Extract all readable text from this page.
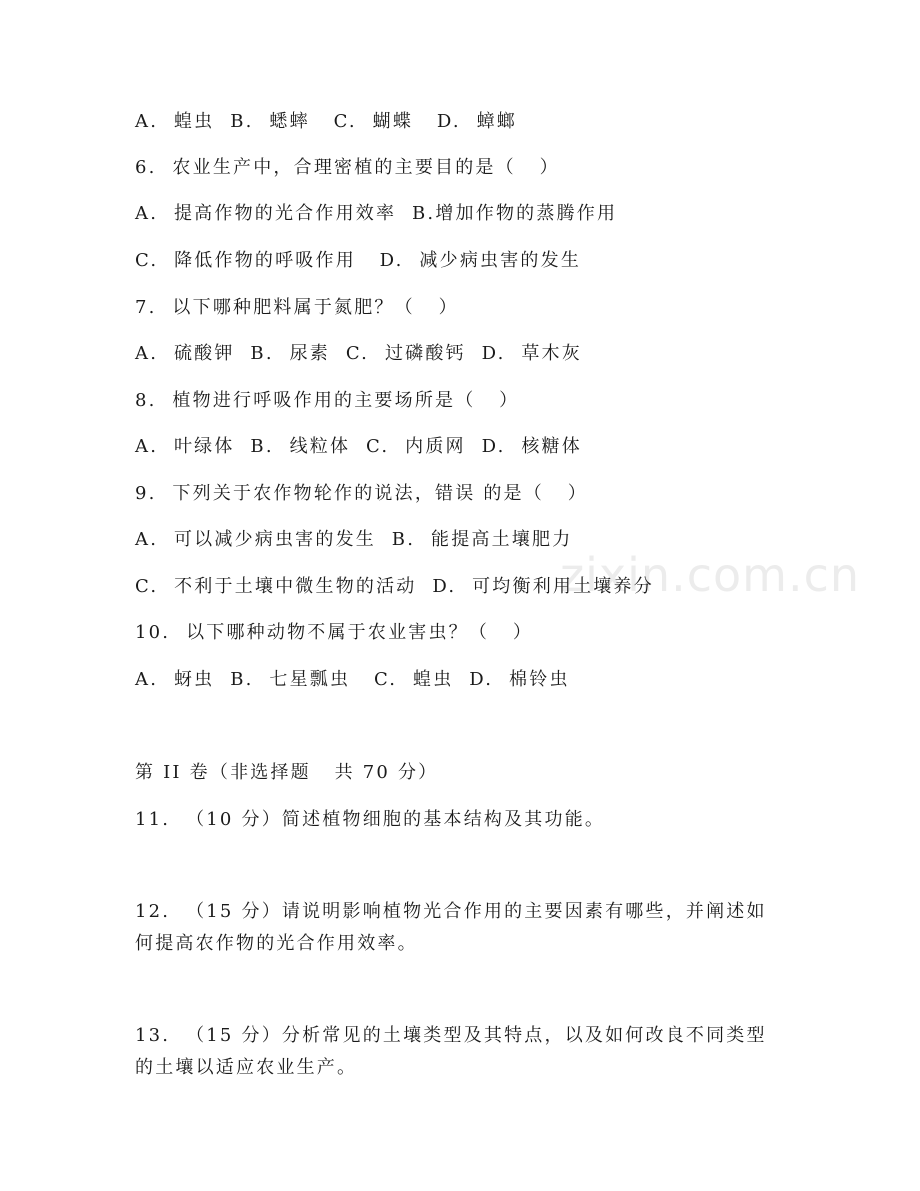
zixin.com.cn
A.  蝗虫  B.  蟋蟀   C.  蝴蝶   D.  蟑螂
6.  农业生产中，合理密植的主要目的是（   ）
A.  提高作物的光合作用效率  B.增加作物的蒸腾作用
C.  降低作物的呼吸作用   D.  减少病虫害的发生
7.  以下哪种肥料属于氮肥？（   ）
A.  硫酸钾  B.  尿素  C.  过磷酸钙  D.  草木灰
8.  植物进行呼吸作用的主要场所是（   ）
A.  叶绿体  B.  线粒体  C.  内质网  D.  核糖体
9.  下列关于农作物轮作的说法，错误 的是（   ）
A.  可以减少病虫害的发生  B.  能提高土壤肥力
C.  不利于土壤中微生物的活动  D.  可均衡利用土壤养分
10.  以下哪种动物不属于农业害虫？（   ）
A.  蚜虫  B.  七星瓢虫   C.  蝗虫  D.  棉铃虫
第 II 卷（非选择题   共 70 分）
11.  （10 分）简述植物细胞的基本结构及其功能。
12.  （15 分）请说明影响植物光合作用的主要因素有哪些，并阐述如
何提高农作物的光合作用效率。
13.  （15 分）分析常见的土壤类型及其特点，以及如何改良不同类型
的土壤以适应农业生产。
